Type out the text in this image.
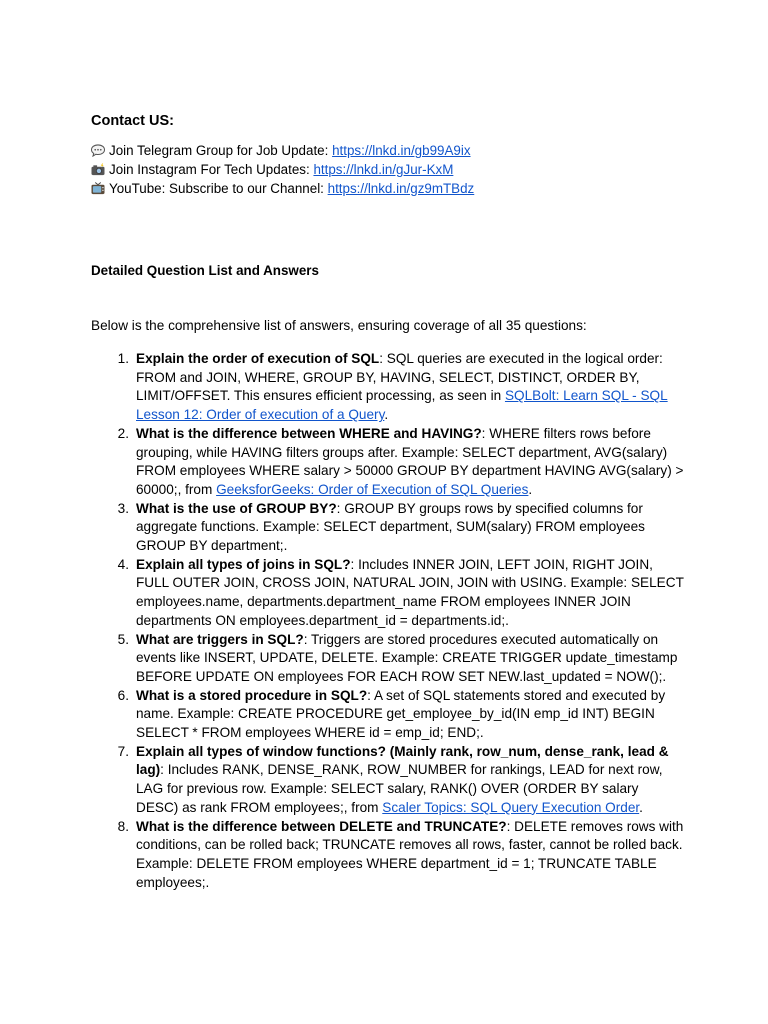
Contact US:
Join Telegram Group for Job Update: https://lnkd.in/gb99A9ix
Join Instagram For Tech Updates: https://lnkd.in/gJur-KxM
YouTube: Subscribe to our Channel: https://lnkd.in/gz9mTBdz
Detailed Question List and Answers

Below is the comprehensive list of answers, ensuring coverage of all 35 questions:

1. Explain the order of execution of SQL: SQL queries are executed in the logical order: FROM and JOIN, WHERE, GROUP BY, HAVING, SELECT, DISTINCT, ORDER BY, LIMIT/OFFSET. This ensures efficient processing, as seen in SQLBolt: Learn SQL - SQL Lesson 12: Order of execution of a Query.
2. What is the difference between WHERE and HAVING?: WHERE filters rows before grouping, while HAVING filters groups after. Example: SELECT department, AVG(salary) FROM employees WHERE salary > 50000 GROUP BY department HAVING AVG(salary) > 60000;, from GeeksforGeeks: Order of Execution of SQL Queries.
3. What is the use of GROUP BY?: GROUP BY groups rows by specified columns for aggregate functions. Example: SELECT department, SUM(salary) FROM employees GROUP BY department;.
4. Explain all types of joins in SQL?: Includes INNER JOIN, LEFT JOIN, RIGHT JOIN, FULL OUTER JOIN, CROSS JOIN, NATURAL JOIN, JOIN with USING. Example: SELECT employees.name, departments.department_name FROM employees INNER JOIN departments ON employees.department_id = departments.id;.
5. What are triggers in SQL?: Triggers are stored procedures executed automatically on events like INSERT, UPDATE, DELETE. Example: CREATE TRIGGER update_timestamp BEFORE UPDATE ON employees FOR EACH ROW SET NEW.last_updated = NOW();.
6. What is a stored procedure in SQL?: A set of SQL statements stored and executed by name. Example: CREATE PROCEDURE get_employee_by_id(IN emp_id INT) BEGIN SELECT * FROM employees WHERE id = emp_id; END;.
7. Explain all types of window functions? (Mainly rank, row_num, dense_rank, lead & lag): Includes RANK, DENSE_RANK, ROW_NUMBER for rankings, LEAD for next row, LAG for previous row. Example: SELECT salary, RANK() OVER (ORDER BY salary DESC) as rank FROM employees;, from Scaler Topics: SQL Query Execution Order.
8. What is the difference between DELETE and TRUNCATE?: DELETE removes rows with conditions, can be rolled back; TRUNCATE removes all rows, faster, cannot be rolled back. Example: DELETE FROM employees WHERE department_id = 1; TRUNCATE TABLE employees;.
